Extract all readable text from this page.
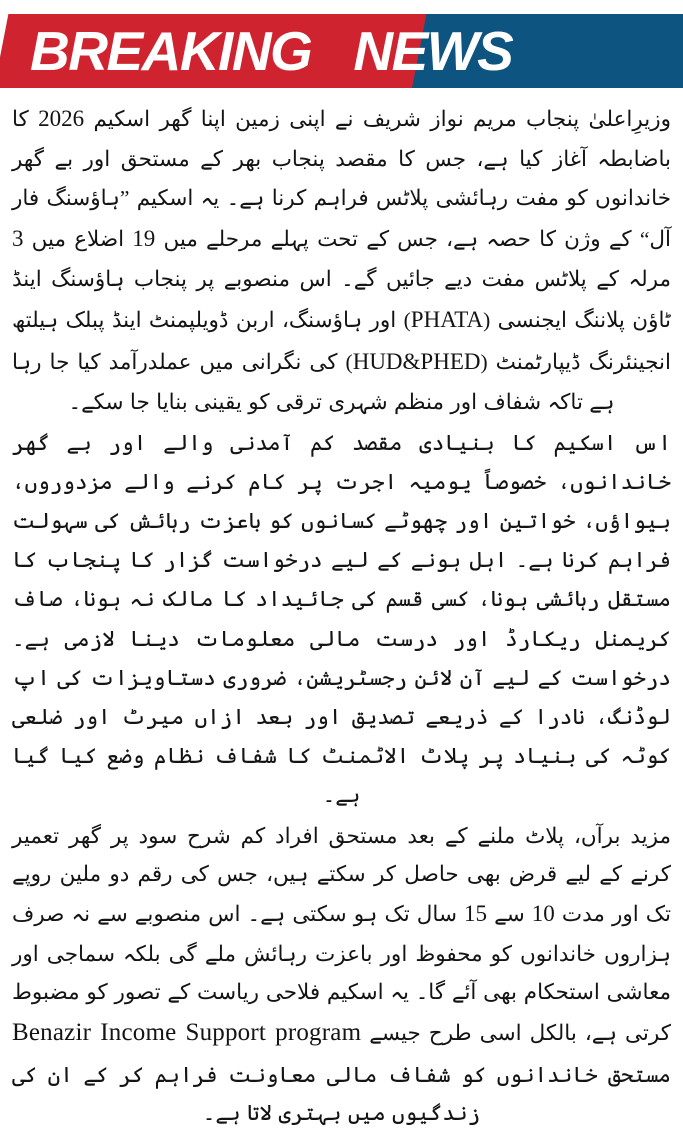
BREAKING NEWS

وزیرِاعلیٰ پنجاب مریم نواز شریف نے اپنی زمین اپنا گھر اسکیم 2026 کا باضابطہ آغاز کیا ہے، جس کا مقصد پنجاب بھر کے مستحق اور بے گھر خاندانوں کو مفت رہائشی پلاٹس فراہم کرنا ہے۔ یہ اسکیم ”ہاؤسنگ فار آل“ کے وژن کا حصہ ہے، جس کے تحت پہلے مرحلے میں 19 اضلاع میں 3 مرلہ کے پلاٹس مفت دیے جائیں گے۔ اس منصوبے پر پنجاب ہاؤسنگ اینڈ ٹاؤن پلاننگ ایجنسی (PHATA) اور ہاؤسنگ، اربن ڈویلپمنٹ اینڈ پبلک ہیلتھ انجینئرنگ ڈیپارٹمنٹ (HUD&PHED) کی نگرانی میں عملدرآمد کیا جا رہا ہے تاکہ شفاف اور منظم شہری ترقی کو یقینی بنایا جا سکے۔

اس اسکیم کا بنیادی مقصد کم آمدنی والے اور بے گھر خاندانوں، خصوصاً یومیہ اجرت پر کام کرنے والے مزدوروں، بیواؤں، خواتین اور چھوٹے کسانوں کو باعزت رہائش کی سہولت فراہم کرنا ہے۔ اہل ہونے کے لیے درخواست گزار کا پنجاب کا مستقل رہائشی ہونا، کسی قسم کی جائیداد کا مالک نہ ہونا، صاف کریمنل ریکارڈ اور درست مالی معلومات دینا لازمی ہے۔ درخواست کے لیے آن لائن رجسٹریشن، ضروری دستاویزات کی اپ لوڈنگ، نادرا کے ذریعے تصدیق اور بعد ازاں میرٹ اور ضلعی کوٹہ کی بنیاد پر پلاٹ الاٹمنٹ کا شفاف نظام وضع کیا گیا ہے۔

مزید برآں، پلاٹ ملنے کے بعد مستحق افراد کم شرح سود پر گھر تعمیر کرنے کے لیے قرض بھی حاصل کر سکتے ہیں، جس کی رقم دو ملین روپے تک اور مدت 10 سے 15 سال تک ہو سکتی ہے۔ اس منصوبے سے نہ صرف ہزاروں خاندانوں کو محفوظ اور باعزت رہائش ملے گی بلکہ سماجی اور معاشی استحکام بھی آئے گا۔ یہ اسکیم فلاحی ریاست کے تصور کو مضبوط کرتی ہے، بالکل اسی طرح جیسے Benazir Income Support program مستحق خاندانوں کو شفاف مالی معاونت فراہم کر کے ان کی زندگیوں میں بہتری لاتا ہے۔
